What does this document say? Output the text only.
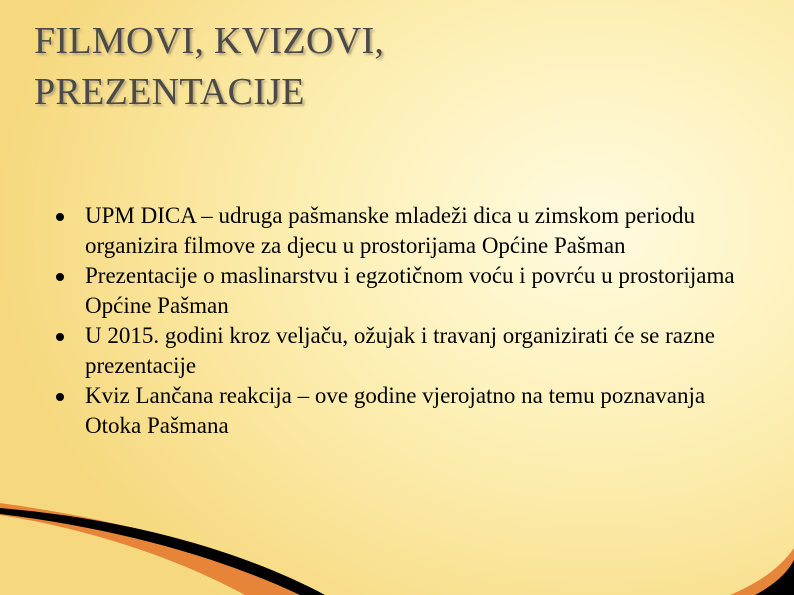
FILMOVI, KVIZOVI,
PREZENTACIJE
UPM DICA – udruga pašmanske mladeži dica u zimskom periodu organizira filmove za djecu u prostorijama Općine Pašman
Prezentacije o maslinarstvu i egzotičnom voću i povrću u prostorijama Općine Pašman
U 2015. godini kroz veljaču, ožujak i travanj organizirati će se razne prezentacije
Kviz Lančana reakcija – ove godine vjerojatno na temu poznavanja Otoka Pašmana
